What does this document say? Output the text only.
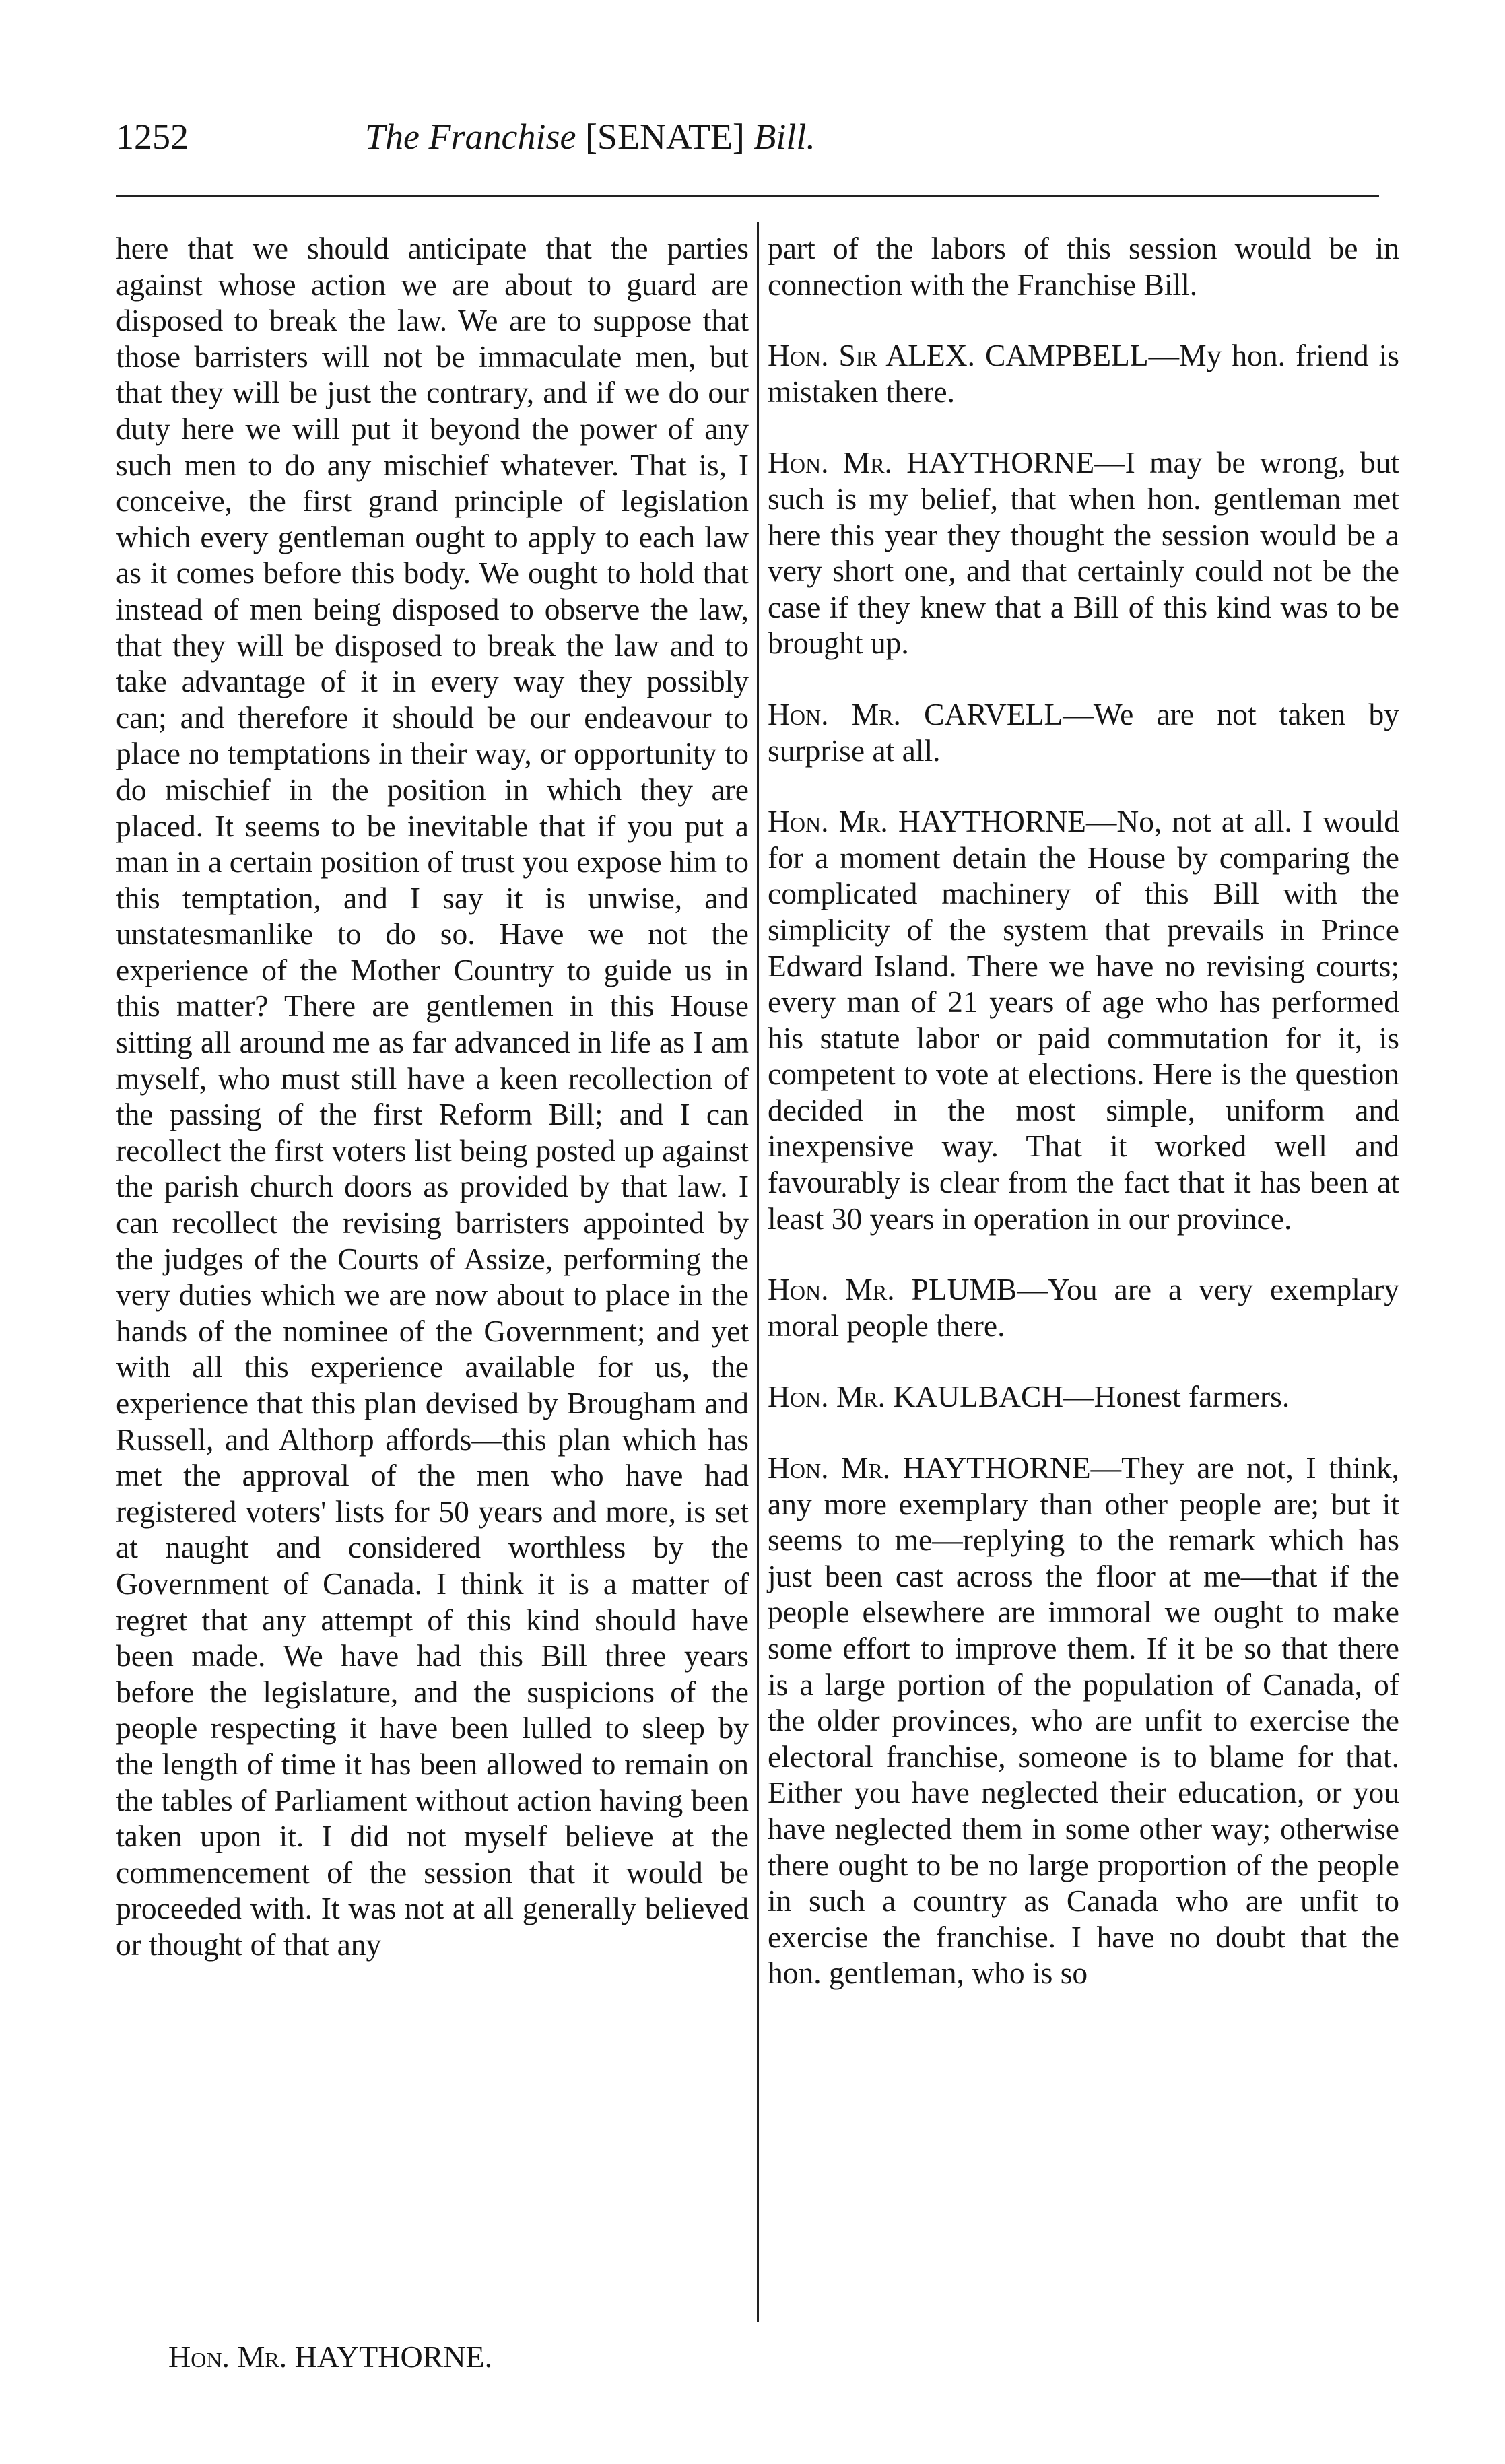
1252	The Franchise [SENATE] Bill.

here that we should anticipate that the parties against whose action we are about to guard are disposed to break the law. We are to suppose that those barristers will not be immaculate men, but that they will be just the contrary, and if we do our duty here we will put it beyond the power of any such men to do any mischief whatever. That is, I conceive, the first grand principle of legislation which every gentleman ought to apply to each law as it comes before this body. We ought to hold that instead of men being disposed to observe the law, that they will be disposed to break the law and to take advantage of it in every way they possibly can; and therefore it should be our endeavour to place no temptations in their way, or opportunity to do mischief in the position in which they are placed. It seems to be inevitable that if you put a man in a certain position of trust you expose him to this temptation, and I say it is unwise, and unstatesmanlike to do so. Have we not the experience of the Mother Country to guide us in this matter? There are gentlemen in this House sitting all around me as far advanced in life as I am myself, who must still have a keen recollection of the passing of the first Reform Bill; and I can recollect the first voters list being posted up against the parish church doors as provided by that law. I can recollect the revising barristers appointed by the judges of the Courts of Assize, performing the very duties which we are now about to place in the hands of the nominee of the Government; and yet with all this experience available for us, the experience that this plan devised by Brougham and Russell, and Althorp affords—this plan which has met the approval of the men who have had registered voters' lists for 50 years and more, is set at naught and considered worthless by the Government of Canada. I think it is a matter of regret that any attempt of this kind should have been made. We have had this Bill three years before the legislature, and the suspicions of the people respecting it have been lulled to sleep by the length of time it has been allowed to remain on the tables of Parliament without action having been taken upon it. I did not myself believe at the commencement of the session that it would be proceeded with. It was not at all generally believed or thought of that any

part of the labors of this session would be in connection with the Franchise Bill.

Hon. Sir ALEX. CAMPBELL—My hon. friend is mistaken there.

Hon. Mr. HAYTHORNE—I may be wrong, but such is my belief, that when hon. gentleman met here this year they thought the session would be a very short one, and that certainly could not be the case if they knew that a Bill of this kind was to be brought up.

Hon. Mr. CARVELL—We are not taken by surprise at all.

Hon. Mr. HAYTHORNE—No, not at all. I would for a moment detain the House by comparing the complicated machinery of this Bill with the simplicity of the system that prevails in Prince Edward Island. There we have no revising courts; every man of 21 years of age who has performed his statute labor or paid commutation for it, is competent to vote at elections. Here is the question decided in the most simple, uniform and inexpensive way. That it worked well and favourably is clear from the fact that it has been at least 30 years in operation in our province.

Hon. Mr. PLUMB—You are a very exemplary moral people there.

Hon. Mr. KAULBACH—Honest farmers.

Hon. Mr. HAYTHORNE—They are not, I think, any more exemplary than other people are; but it seems to me—replying to the remark which has just been cast across the floor at me—that if the people elsewhere are immoral we ought to make some effort to improve them. If it be so that there is a large portion of the population of Canada, of the older provinces, who are unfit to exercise the electoral franchise, someone is to blame for that. Either you have neglected their education, or you have neglected them in some other way; otherwise there ought to be no large proportion of the people in such a country as Canada who are unfit to exercise the franchise. I have no doubt that the hon. gentleman, who is so

Hon. Mr. HAYTHORNE.
